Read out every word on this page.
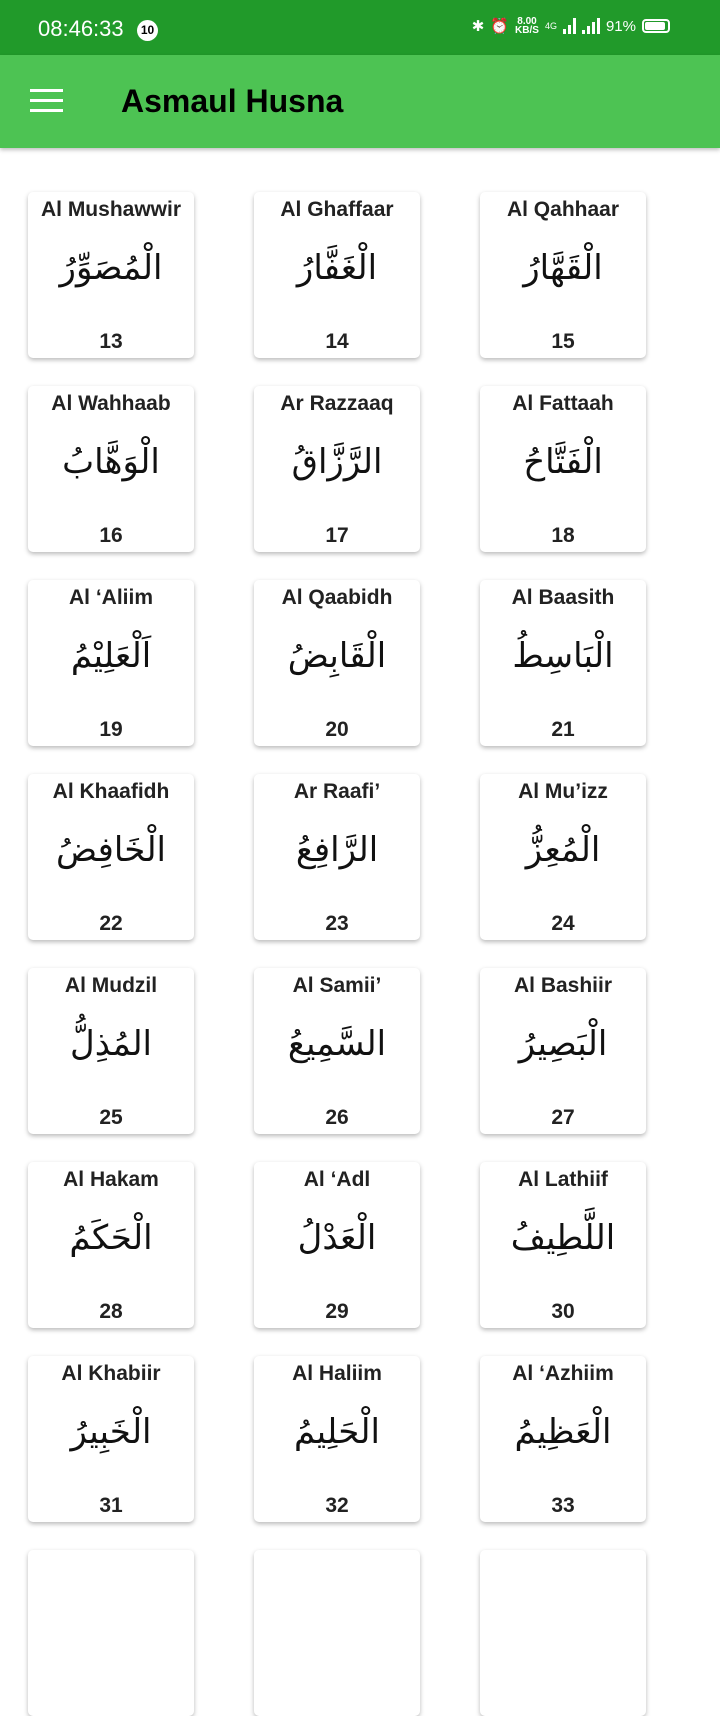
08:46:33	10	✱ ⏰ 8.00
KB/S 4G	91%
Asmaul Husna
Al Mushawwir
الْمُصَوِّرُ
13
Al Ghaffaar
الْغَفَّارُ
14
Al Qahhaar
الْقَهَّارُ
15
Al Wahhaab
الْوَهَّابُ
16
Ar Razzaaq
الرَّزَّاقُ
17
Al Fattaah
الْفَتَّاحُ
18
Al ‘Aliim
اَلْعَلِيْمُ
19
Al Qaabidh
الْقَابِضُ
20
Al Baasith
الْبَاسِطُ
21
Al Khaafidh
الْخَافِضُ
22
Ar Raafi’
الرَّافِعُ
23
Al Mu’izz
الْمُعِزُّ
24
Al Mudzil
المُذِلُّ
25
Al Samii’
السَّمِيعُ
26
Al Bashiir
الْبَصِيرُ
27
Al Hakam
الْحَكَمُ
28
Al ‘Adl
الْعَدْلُ
29
Al Lathiif
اللَّطِيفُ
30
Al Khabiir
الْخَبِيرُ
31
Al Haliim
الْحَلِيمُ
32
Al ‘Azhiim
الْعَظِيمُ
33
